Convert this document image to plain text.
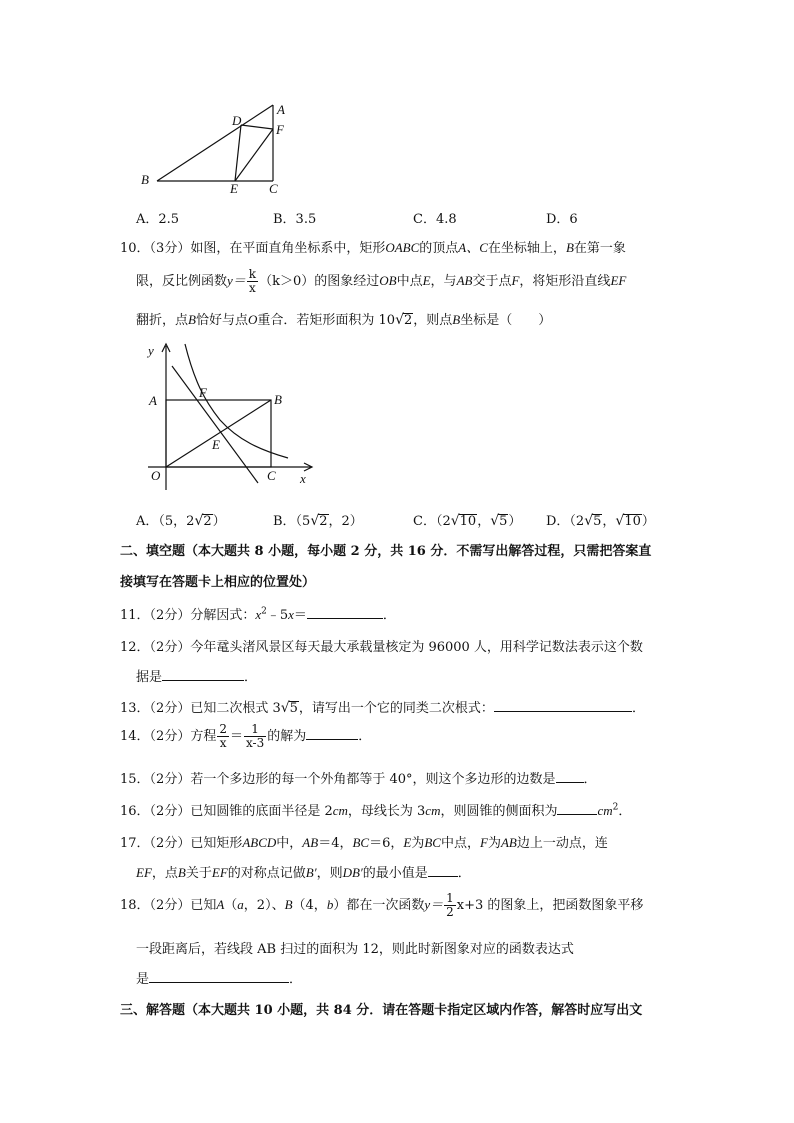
A
D
F
B
E C
A．2.5	B．3.5	C．4.8	D．6
10．（3分）如图，在平面直角坐标系中，矩形OABC的顶点A、C在坐标轴上，B在第一象
限，反比例函数$y= \frac{k}{x} (k>0)$的图象经过OB中点E，与AB交于点F，将矩形沿直线EF
翻折，点B恰好与点O重合．若矩形面积为 10√2，则点B坐标是（　　）
y
A
F	B
E
O	C x
A．（5，2√2）	B．（5√2，2）	C．（2√10，√5） D．（2√5，√10）
二、填空题（本大题共 8 小题，每小题 2 分，共 16 分．不需写出解答过程，只需把答案直
接填写在答题卡上相应的位置处）
11．（2分）分解因式：$x^2﹣5x=$	．
12．（2分）今年鼋头渚风景区每天最大承载量核定为 96000 人，用科学记数法表示这个数
据是	．
13．（2分）已知二次根式 3√5，请写出一个它的同类二次根式：	．
14．（2分）方程 $\frac{2}{x} = \frac{1}{x-3}$ 的解为	．
15．（2分）若一个多边形的每一个外角都等于 40°，则这个多边形的边数是 ．
16．（2分）已知圆锥的底面半径是 2cm，母线长为 3cm，则圆锥的侧面积为	$cm^2$．
17．（2分）已知矩形ABCD中，AB＝4，BC＝6，E为BC中点，F为AB边上一动点，连
EF，点B关于EF的对称点记做B′，则DB′的最小值是 ．
18．（2分）已知A（a，2）、B（4，b）都在一次函数$y= \frac{1}{2} x+3$ 的图象上，把函数图象平移
一段距离后，若线段 AB 扫过的面积为 12，则此时新图象对应的函数表达式
是	．
三、解答题（本大题共 10 小题，共 84 分．请在答题卡指定区域内作答，解答时应写出文
